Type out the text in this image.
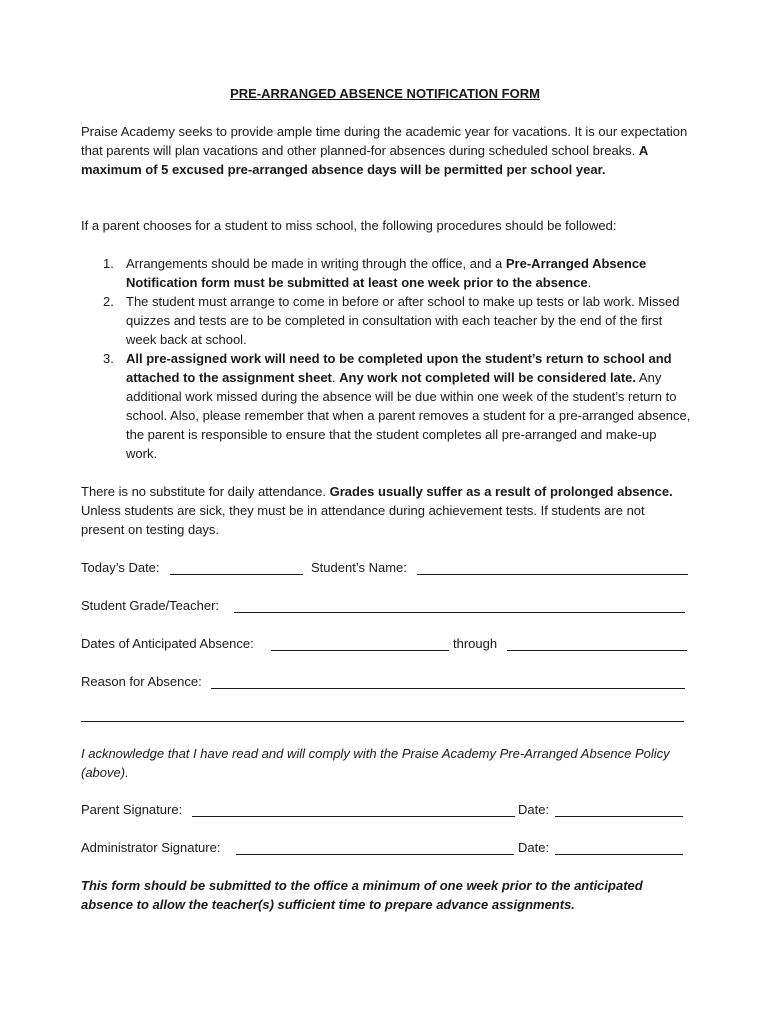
PRE-ARRANGED ABSENCE NOTIFICATION FORM
Praise Academy seeks to provide ample time during the academic year for vacations. It is our expectation that parents will plan vacations and other planned-for absences during scheduled school breaks. A maximum of 5 excused pre-arranged absence days will be permitted per school year.
If a parent chooses for a student to miss school, the following procedures should be followed:
1. Arrangements should be made in writing through the office, and a Pre-Arranged Absence Notification form must be submitted at least one week prior to the absence.
2. The student must arrange to come in before or after school to make up tests or lab work. Missed quizzes and tests are to be completed in consultation with each teacher by the end of the first week back at school.
3. All pre-assigned work will need to be completed upon the student’s return to school and attached to the assignment sheet. Any work not completed will be considered late. Any additional work missed during the absence will be due within one week of the student’s return to school. Also, please remember that when a parent removes a student for a pre-arranged absence, the parent is responsible to ensure that the student completes all pre-arranged and make-up work.
There is no substitute for daily attendance. Grades usually suffer as a result of prolonged absence. Unless students are sick, they must be in attendance during achievement tests. If students are not present on testing days.
Today’s Date:	Student’s Name:
Student Grade/Teacher:
Dates of Anticipated Absence:	through
Reason for Absence:
I acknowledge that I have read and will comply with the Praise Academy Pre-Arranged Absence Policy (above).
Parent Signature:	Date:
Administrator Signature:	Date:
This form should be submitted to the office a minimum of one week prior to the anticipated absence to allow the teacher(s) sufficient time to prepare advance assignments.
